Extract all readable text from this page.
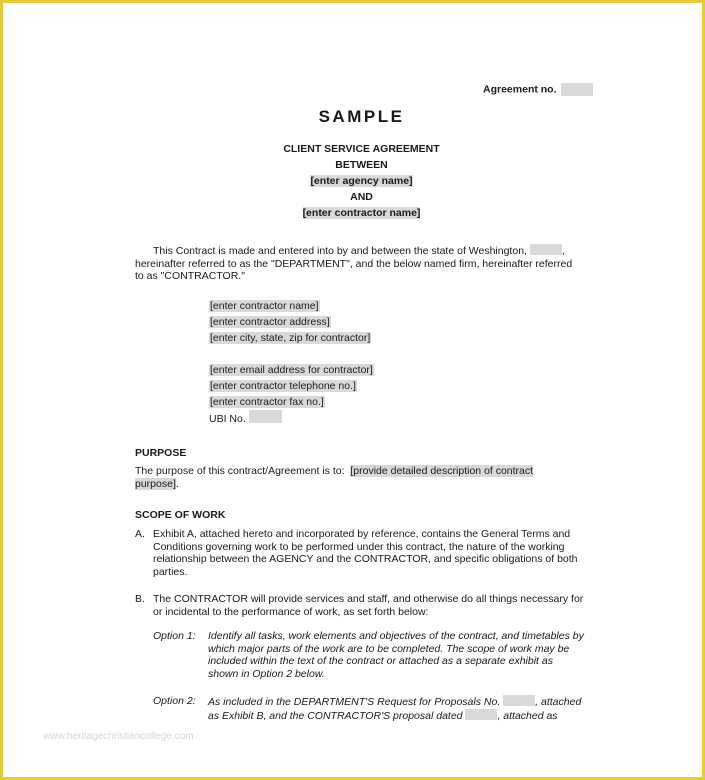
Agreement no.
SAMPLE
CLIENT SERVICE AGREEMENT
BETWEEN
[enter agency name]
AND
[enter contractor name]
This Contract is made and entered into by and between the state of Weshington,	,
hereinafter referred to as the "DEPARTMENT", and the below named firm, hereinafter referred
to as "CONTRACTOR."
[enter contractor name]
[enter contractor address]
[enter city, state, zip for contractor]
[enter email address for contractor]
[enter contractor telephone no.]
[enter contractor fax no.]
UBI No.
PURPOSE
The purpose of this contract/Agreement is to: [provide detailed description of contract
purpose].
SCOPE OF WORK
A. Exhibit A, attached hereto and incorporated by reference, contains the General Terms and Conditions governing work to be performed under this contract, the nature of the working relationship between the AGENCY and the CONTRACTOR, and specific obligations of both parties.
B. The CONTRACTOR will provide services and staff, and otherwise do all things necessary for or incidental to the performance of work, as set forth below:
Option 1:	Identify all tasks, work elements and objectives of the contract, and timetables by which major parts of the work are to be completed. The scope of work may be included within the text of the contract or attached as a separate exhibit as shown in Option 2 below.
Option 2:	As included in the DEPARTMENT'S Request for Proposals No.	, attached as Exhibit B, and the CONTRACTOR'S proposal dated	, attached as
www.heritagechristiancollege.com
